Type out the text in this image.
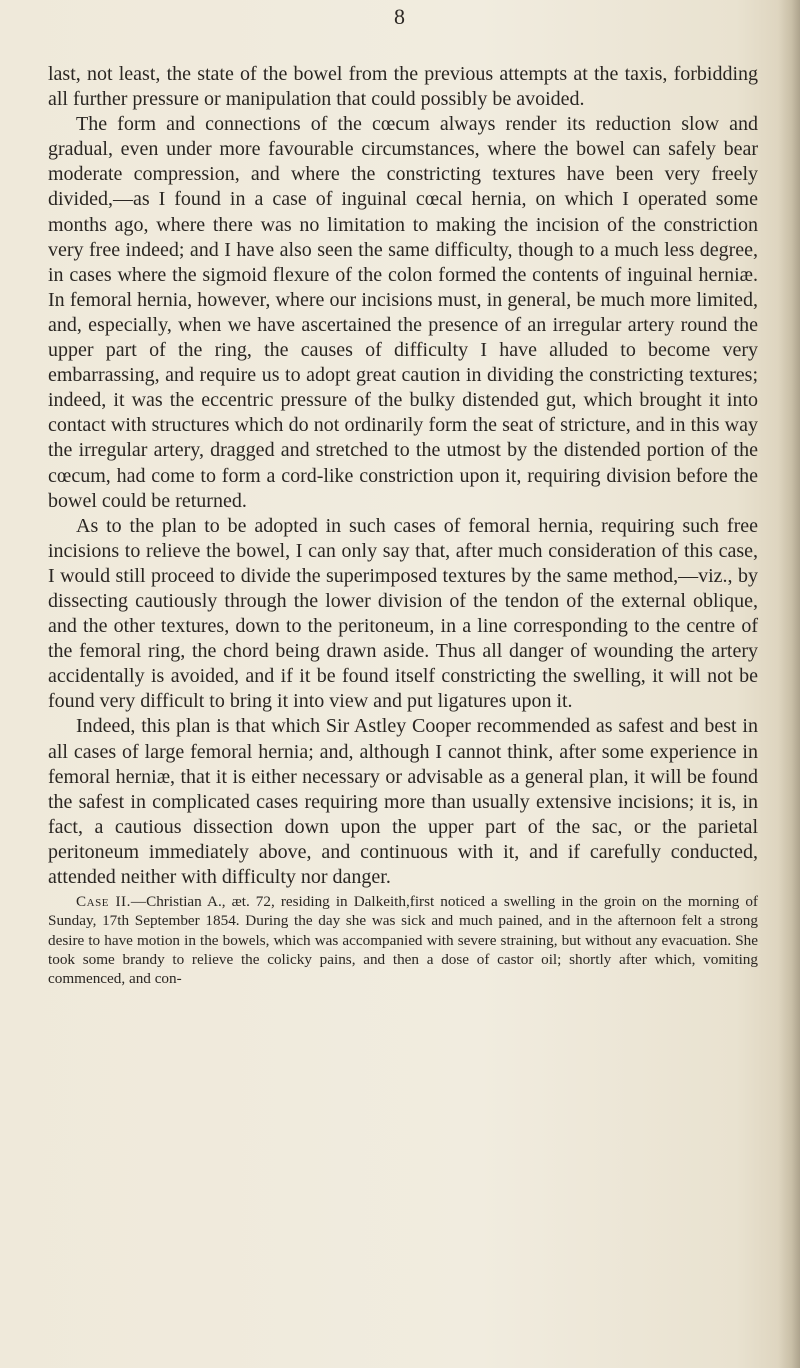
8

last, not least, the state of the bowel from the previous attempts at the taxis, forbidding all further pressure or manipulation that could possibly be avoided.

The form and connections of the cœcum always render its reduction slow and gradual, even under more favourable circumstances, where the bowel can safely bear moderate compression, and where the constricting textures have been very freely divided,—as I found in a case of inguinal cœcal hernia, on which I operated some months ago, where there was no limitation to making the incision of the constriction very free indeed; and I have also seen the same difficulty, though to a much less degree, in cases where the sigmoid flexure of the colon formed the contents of inguinal herniæ. In femoral hernia, however, where our incisions must, in general, be much more limited, and, especially, when we have ascertained the presence of an irregular artery round the upper part of the ring, the causes of difficulty I have alluded to become very embarrassing, and require us to adopt great caution in dividing the constricting textures; indeed, it was the eccentric pressure of the bulky distended gut, which brought it into contact with structures which do not ordinarily form the seat of stricture, and in this way the irregular artery, dragged and stretched to the utmost by the distended portion of the cœcum, had come to form a cord-like constriction upon it, requiring division before the bowel could be returned.

As to the plan to be adopted in such cases of femoral hernia, requiring such free incisions to relieve the bowel, I can only say that, after much consideration of this case, I would still proceed to divide the superimposed textures by the same method,—viz., by dissecting cautiously through the lower division of the tendon of the external oblique, and the other textures, down to the peritoneum, in a line corresponding to the centre of the femoral ring, the chord being drawn aside. Thus all danger of wounding the artery accidentally is avoided, and if it be found itself constricting the swelling, it will not be found very difficult to bring it into view and put ligatures upon it.

Indeed, this plan is that which Sir Astley Cooper recommended as safest and best in all cases of large femoral hernia; and, although I cannot think, after some experience in femoral herniæ, that it is either necessary or advisable as a general plan, it will be found the safest in complicated cases requiring more than usually extensive incisions; it is, in fact, a cautious dissection down upon the upper part of the sac, or the parietal peritoneum immediately above, and continuous with it, and if carefully conducted, attended neither with difficulty nor danger.

Case II.—Christian A., æt. 72, residing in Dalkeith,first noticed a swelling in the groin on the morning of Sunday, 17th September 1854. During the day she was sick and much pained, and in the afternoon felt a strong desire to have motion in the bowels, which was accompanied with severe straining, but without any evacuation. She took some brandy to relieve the colicky pains, and then a dose of castor oil; shortly after which, vomiting commenced, and con-
